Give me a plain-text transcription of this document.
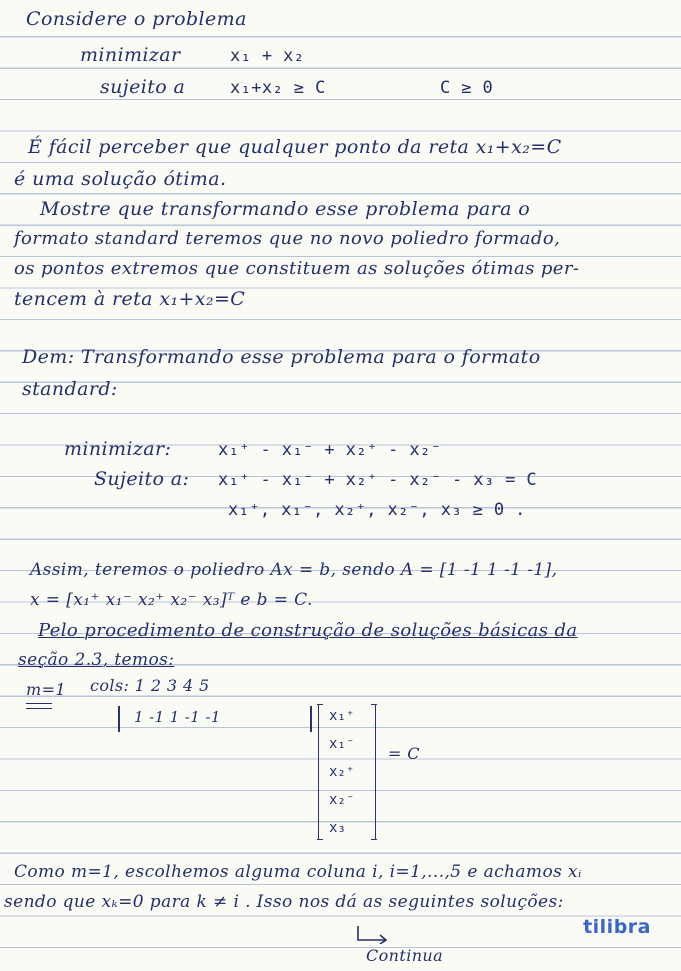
Considere o problema
minimizar	x₁ + x₂
sujeito a	x₁+x₂ ≥ C	C ≥ 0
É fácil perceber que qualquer ponto da reta x₁+x₂=C
é uma solução ótima.
Mostre que transformando esse problema para o
formato standard teremos que no novo poliedro formado,
os pontos extremos que constituem as soluções ótimas per-
tencem à reta x₁+x₂=C
Dem: Transformando esse problema para o formato
standard:
minimizar:	x₁⁺ - x₁⁻ + x₂⁺ - x₂⁻
Sujeito a: x₁⁺ - x₁⁻ + x₂⁺ - x₂⁻ - x₃ = C
x₁⁺, x₁⁻, x₂⁺, x₂⁻, x₃ ≥ 0 .
Assim, teremos o poliedro Ax = b, sendo A = [1 -1 1 -1 -1],
x = [x₁⁺ x₁⁻ x₂⁺ x₂⁻ x₃]ᵀ e b = C.
Pelo procedimento de construção de soluções básicas da
seção 2.3, temos:
m=1 cols: 1 2 3 4 5
1 -1 1 -1 -1	x₁⁺
x₁⁻
x₂⁺
x₂⁻
x₃
= C
Como m=1, escolhemos alguma coluna i, i=1,...,5 e achamos xᵢ
sendo que xₖ=0 para k ≠ i . Isso nos dá as seguintes soluções:
Continua
tilibra
